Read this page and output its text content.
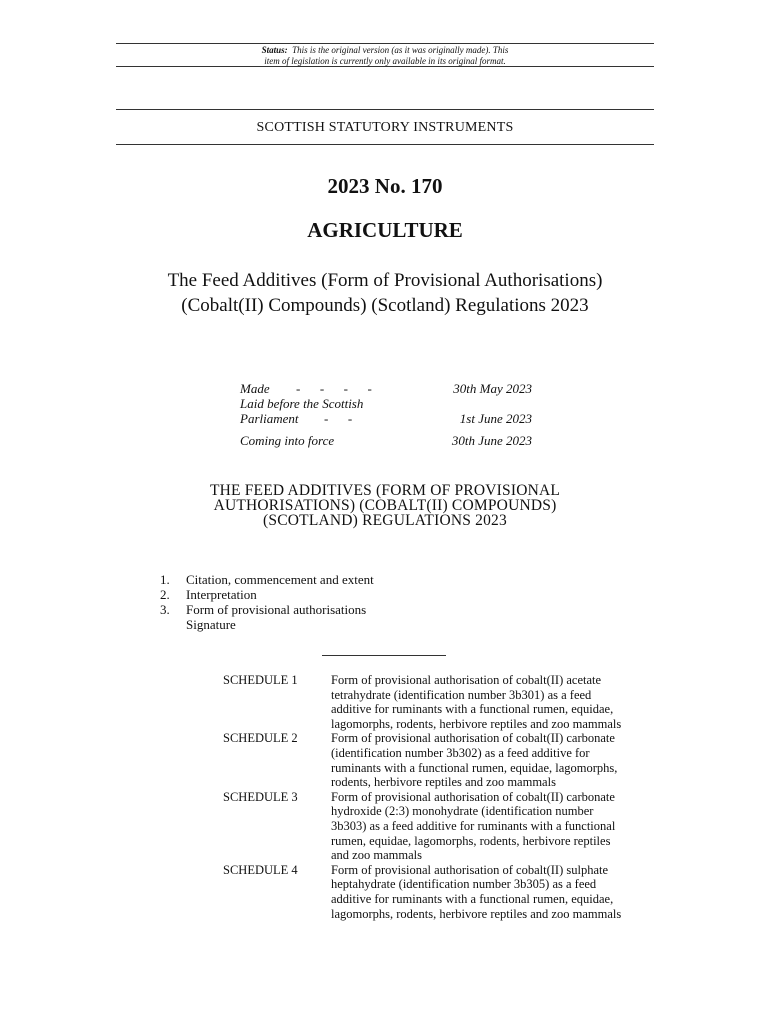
Status: This is the original version (as it was originally made). This
item of legislation is currently only available in its original format.
SCOTTISH STATUTORY INSTRUMENTS
2023 No. 170
AGRICULTURE
The Feed Additives (Form of Provisional Authorisations)
(Cobalt(II) Compounds) (Scotland) Regulations 2023
Made -      -      -      -	30th May 2023
Laid before the Scottish
Parliament -      -	1st June 2023
Coming into force	30th June 2023
THE FEED ADDITIVES (FORM OF PROVISIONAL
AUTHORISATIONS) (COBALT(II) COMPOUNDS)
(SCOTLAND) REGULATIONS 2023
1. Citation, commencement and extent
2. Interpretation
3. Form of provisional authorisations
Signature
SCHEDULE 1	Form of provisional authorisation of cobalt(II) acetate
tetrahydrate (identification number 3b301) as a feed
additive for ruminants with a functional rumen, equidae,
lagomorphs, rodents, herbivore reptiles and zoo mammals
SCHEDULE 2	Form of provisional authorisation of cobalt(II) carbonate
(identification number 3b302) as a feed additive for
ruminants with a functional rumen, equidae, lagomorphs,
rodents, herbivore reptiles and zoo mammals
SCHEDULE 3	Form of provisional authorisation of cobalt(II) carbonate
hydroxide (2:3) monohydrate (identification number
3b303) as a feed additive for ruminants with a functional
rumen, equidae, lagomorphs, rodents, herbivore reptiles
and zoo mammals
SCHEDULE 4	Form of provisional authorisation of cobalt(II) sulphate
heptahydrate (identification number 3b305) as a feed
additive for ruminants with a functional rumen, equidae,
lagomorphs, rodents, herbivore reptiles and zoo mammals
